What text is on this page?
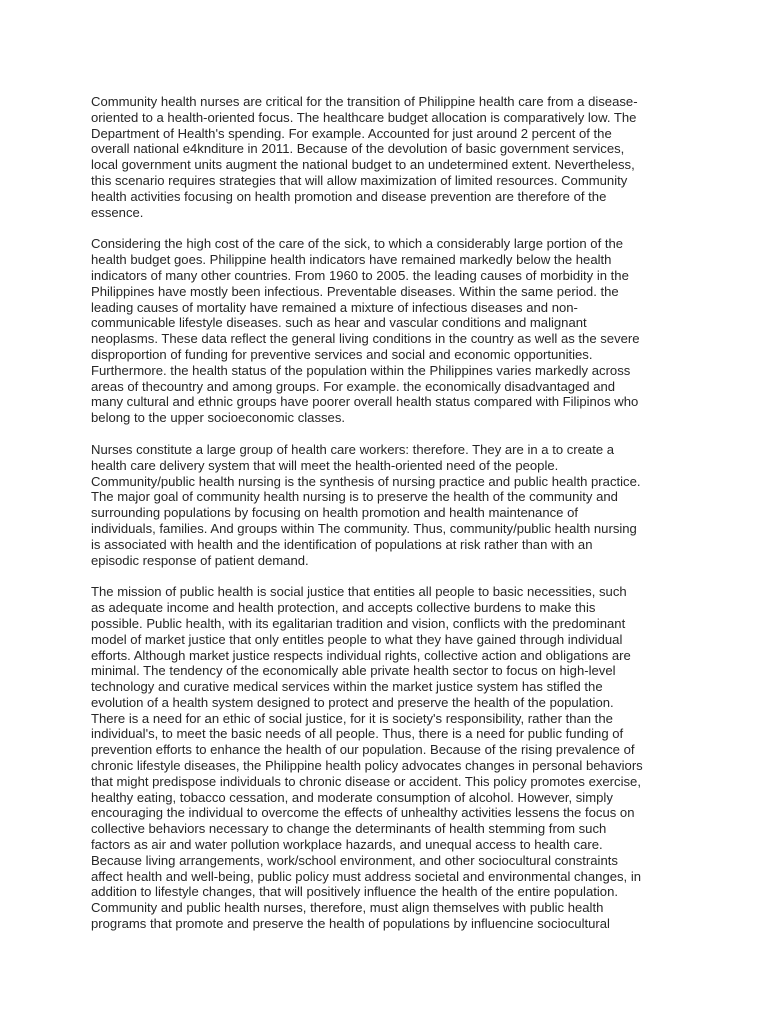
Community health nurses are critical for the transition of Philippine health care from a disease-
oriented to a health-oriented focus. The healthcare budget allocation is comparatively low. The
Department of Health's spending. For example. Accounted for just around 2 percent of the
overall national e4knditure in 2011. Because of the devolution of basic government services,
local government units augment the national budget to an undetermined extent. Nevertheless,
this scenario requires strategies that will allow maximization of limited resources. Community
health activities focusing on health promotion and disease prevention are therefore of the
essence.
Considering the high cost of the care of the sick, to which a considerably large portion of the
health budget goes. Philippine health indicators have remained markedly below the health
indicators of many other countries. From 1960 to 2005. the leading causes of morbidity in the
Philippines have mostly been infectious. Preventable diseases. Within the same period. the
leading causes of mortality have remained a mixture of infectious diseases and non-
communicable lifestyle diseases. such as hear and vascular conditions and malignant
neoplasms. These data reflect the general living conditions in the country as well as the severe
disproportion of funding for preventive services and social and economic opportunities.
Furthermore. the health status of the population within the Philippines varies markedly across
areas of thecountry and among groups. For example. the economically disadvantaged and
many cultural and ethnic groups have poorer overall health status compared with Filipinos who
belong to the upper socioeconomic classes.
Nurses constitute a large group of health care workers: therefore. They are in a to create a
health care delivery system that will meet the health-oriented need of the people.
Community/public health nursing is the synthesis of nursing practice and public health practice.
The major goal of community health nursing is to preserve the health of the community and
surrounding populations by focusing on health promotion and health maintenance of
individuals, families. And groups within The community. Thus, community/public health nursing
is associated with health and the identification of populations at risk rather than with an
episodic response of patient demand.
The mission of public health is social justice that entities all people to basic necessities, such
as adequate income and health protection, and accepts collective burdens to make this
possible. Public health, with its egalitarian tradition and vision, conflicts with the predominant
model of market justice that only entitles people to what they have gained through individual
efforts. Although market justice respects individual rights, collective action and obligations are
minimal. The tendency of the economically able private health sector to focus on high-level
technology and curative medical services within the market justice system has stifled the
evolution of a health system designed to protect and preserve the health of the population.
There is a need for an ethic of social justice, for it is society's responsibility, rather than the
individual's, to meet the basic needs of all people. Thus, there is a need for public funding of
prevention efforts to enhance the health of our population. Because of the rising prevalence of
chronic lifestyle diseases, the Philippine health policy advocates changes in personal behaviors
that might predispose individuals to chronic disease or accident. This policy promotes exercise,
healthy eating, tobacco cessation, and moderate consumption of alcohol. However, simply
encouraging the individual to overcome the effects of unhealthy activities lessens the focus on
collective behaviors necessary to change the determinants of health stemming from such
factors as air and water pollution workplace hazards, and unequal access to health care.
Because living arrangements, work/school environment, and other sociocultural constraints
affect health and well-being, public policy must address societal and environmental changes, in
addition to lifestyle changes, that will positively influence the health of the entire population.
Community and public health nurses, therefore, must align themselves with public health
programs that promote and preserve the health of populations by influencine sociocultural
